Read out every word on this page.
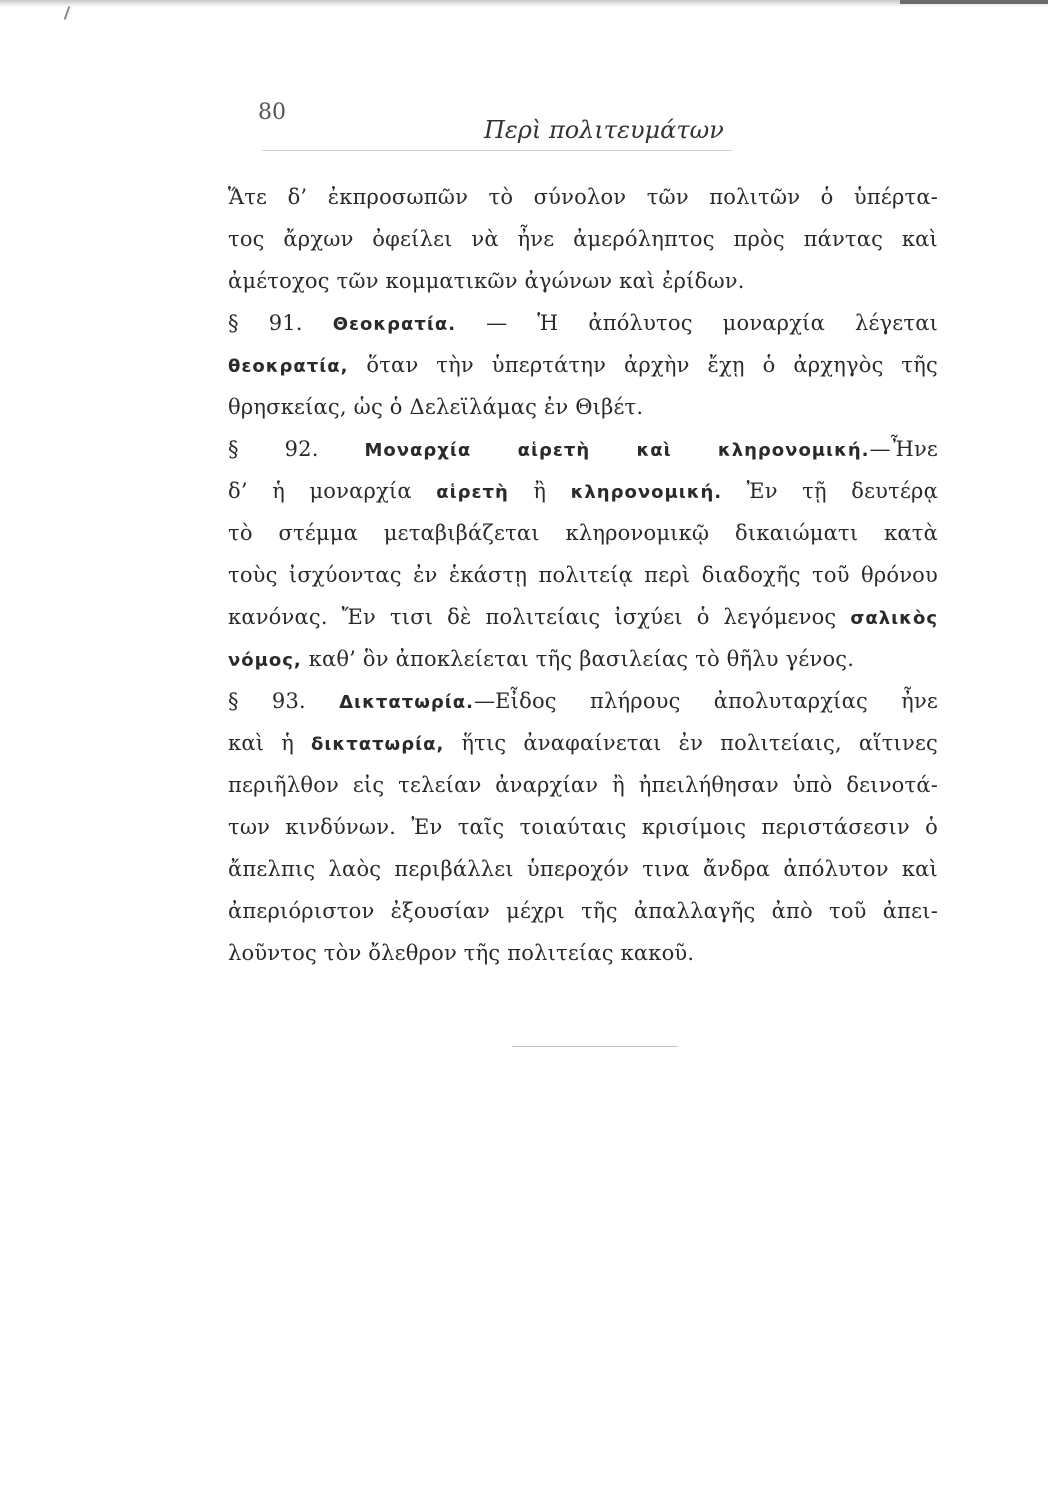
80
Περὶ πολιτευμάτων
Ἅτε δ’ ἐκπροσωπῶν τὸ σύνολον τῶν πολιτῶν ὁ ὑπέρτα-
τος ἄρχων ὀφείλει νὰ ἦνε ἀμερόληπτος πρὸς πάντας καὶ
ἀμέτοχος τῶν κομματικῶν ἀγώνων καὶ ἐρίδων.
§ 91. Θεοκρατία. — Ἡ ἀπόλυτος μοναρχία λέγεται
θεοκρατία, ὅταν τὴν ὑπερτάτην ἀρχὴν ἔχῃ ὁ ἀρχηγὸς τῆς
θρησκείας, ὡς ὁ Δελεϊλάμας ἐν Θιβέτ.
§ 92. Μοναρχία αἱρετὴ καὶ κληρονομική.—Ἦνε
δ’ ἡ μοναρχία αἱρετὴ ἢ κληρονομική. Ἐν τῇ δευτέρᾳ
τὸ στέμμα μεταβιβάζεται κληρονομικῷ δικαιώματι κατὰ
τοὺς ἰσχύοντας ἐν ἑκάστῃ πολιτείᾳ περὶ διαδοχῆς τοῦ θρόνου
κανόνας. Ἔν τισι δὲ πολιτείαις ἰσχύει ὁ λεγόμενος σαλικὸς
νόμος, καθ’ ὃν ἀποκλείεται τῆς βασιλείας τὸ θῆλυ γένος.
§ 93. Δικτατωρία.—Εἶδος πλήρους ἀπολυταρχίας ἦνε
καὶ ἡ δικτατωρία, ἥτις ἀναφαίνεται ἐν πολιτείαις, αἵτινες
περιῆλθον εἰς τελείαν ἀναρχίαν ἢ ἠπειλήθησαν ὑπὸ δεινοτά-
των κινδύνων. Ἐν ταῖς τοιαύταις κρισίμοις περιστάσεσιν ὁ
ἄπελπις λαὸς περιβάλλει ὑπεροχόν τινα ἄνδρα ἀπόλυτον καὶ
ἀπεριόριστον ἐξουσίαν μέχρι τῆς ἀπαλλαγῆς ἀπὸ τοῦ ἀπει-
λοῦντος τὸν ὄλεθρον τῆς πολιτείας κακοῦ.
